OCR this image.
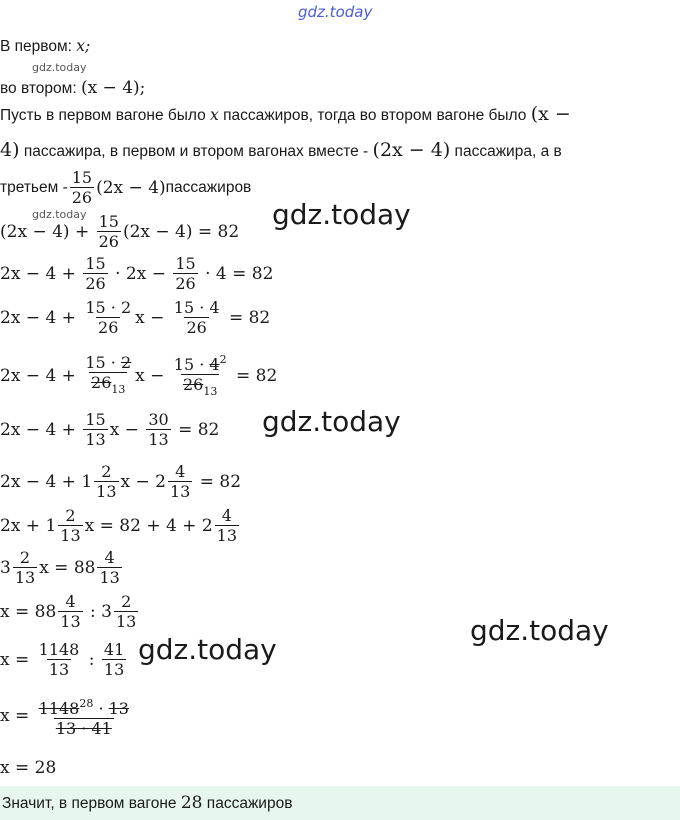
gdz.today
В первом: x;
gdz.today
во втором: (x − 4);
Пусть в первом вагоне было x пассажиров, тогда во втором вагоне было (x −
4) пассажира, в первом и втором вагонах вместе - (2x − 4) пассажира, а в
третьем - $\frac{15}{26} (2x - 4)$ пассажиров
gdz.today	gdz.today
$(2x - 4) + \frac{15}{26} (2x - 4) = 82$
$2x - 4 + \frac{15}{26} \cdot 2x - \frac{15}{26} \cdot 4 = 82$
$2x - 4 + \frac{15 \cdot 2}{26}$ $x - \frac{15 \cdot 4}{26} = 82$
$2x - 4 + \frac{15 \cdot 2}{26_{13}}$ $x - \frac{15 \cdot 4^2}{26_{13}} = 82$
gdz.today
$2x - 4 + \frac{15}{13}$ $x - \frac{30}{13} = 82$
$2x - 4 + 1 \frac{2}{13}$ $x - 2 \frac{4}{13} = 82$
$2x + 1 \frac{2}{13}$ $x = 82 + 4 + 2 \frac{4}{13}$
$3 \frac{2}{13}$ $x = 88 \frac{4}{13}$
gdz.today
$x = 88 \frac{4}{13}$ : $3 \frac{2}{13}$
gdz.today
$x = \frac{1148}{13}$ : $\frac{41}{13}$
$x = \frac{1148^{28} \cdot 13}{13 \cdot 41}$
x = 28
Значит, в первом вагоне 28 пассажиров
